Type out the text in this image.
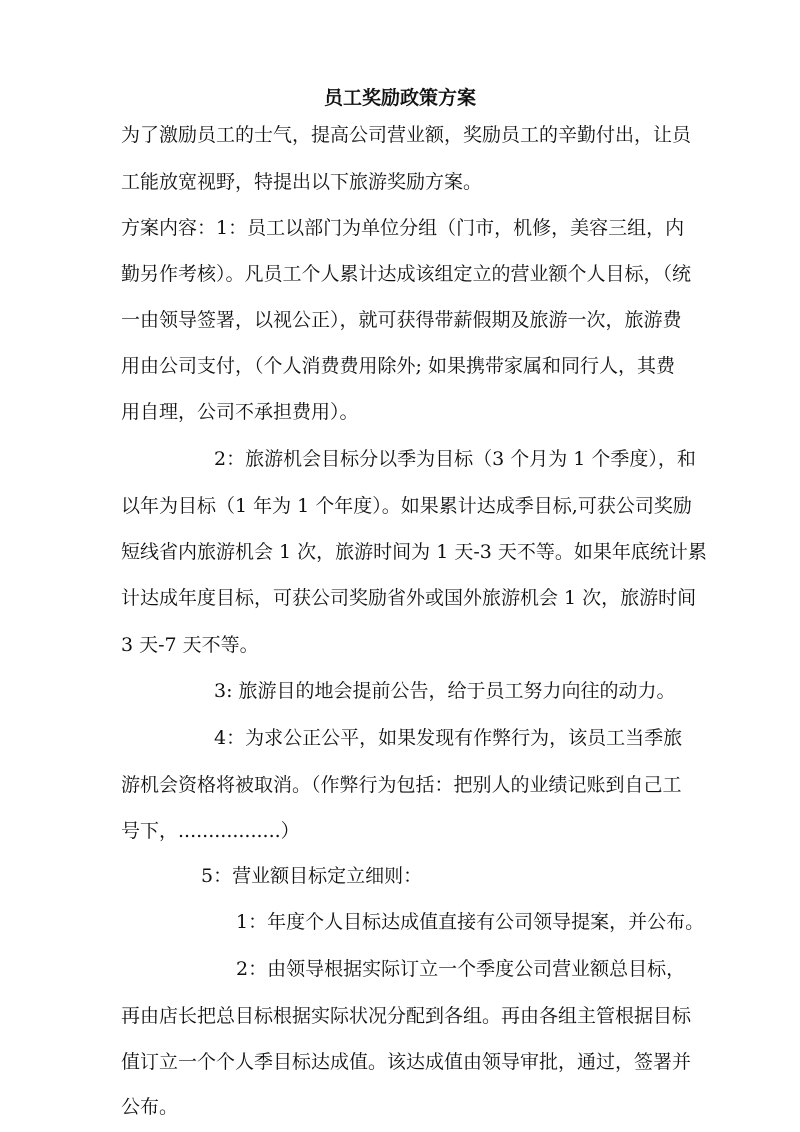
员工奖励政策方案

为了激励员工的士气，提高公司营业额，奖励员工的辛勤付出，让员

工能放宽视野，特提出以下旅游奖励方案。

方案内容：1：员工以部门为单位分组（门市，机修，美容三组，内

勤另作考核）。凡员工个人累计达成该组定立的营业额个人目标，（统

一由领导签署，以视公正），就可获得带薪假期及旅游一次，旅游费

用由公司支付，（个人消费费用除外; 如果携带家属和同行人，其费

用自理，公司不承担费用）。

2：旅游机会目标分以季为目标（3 个月为 1 个季度），和

以年为目标（1 年为 1 个年度）。如果累计达成季目标,可获公司奖励

短线省内旅游机会 1 次，旅游时间为 1 天-3 天不等。如果年底统计累

计达成年度目标，可获公司奖励省外或国外旅游机会 1 次，旅游时间

3 天-7 天不等。

3: 旅游目的地会提前公告，给于员工努力向往的动力。

4：为求公正公平，如果发现有作弊行为，该员工当季旅

游机会资格将被取消。（作弊行为包括：把别人的业绩记账到自己工

号下，.................）

5：营业额目标定立细则：

1：年度个人目标达成值直接有公司领导提案，并公布。

2：由领导根据实际订立一个季度公司营业额总目标，

再由店长把总目标根据实际状况分配到各组。再由各组主管根据目标

值订立一个个人季目标达成值。该达成值由领导审批，通过，签署并

公布。
